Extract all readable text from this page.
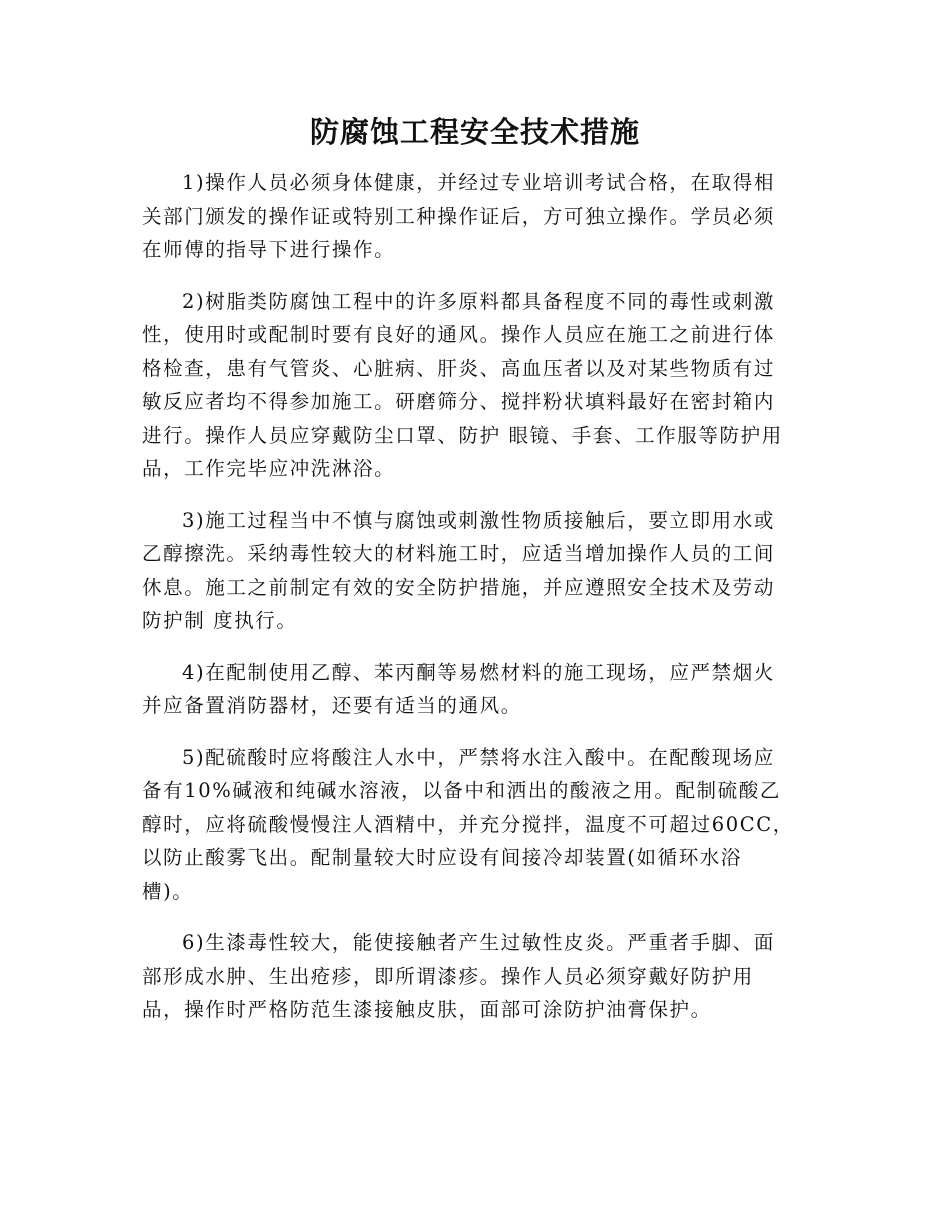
防腐蚀工程安全技术措施

1)操作人员必须身体健康，并经过专业培训考试合格，在取得相
关部门颁发的操作证或特别工种操作证后，方可独立操作。学员必须
在师傅的指导下进行操作。

2)树脂类防腐蚀工程中的许多原料都具备程度不同的毒性或刺激
性，使用时或配制时要有良好的通风。操作人员应在施工之前进行体
格检查，患有气管炎、心脏病、肝炎、高血压者以及对某些物质有过
敏反应者均不得参加施工。研磨筛分、搅拌粉状填料最好在密封箱内
进行。操作人员应穿戴防尘口罩、防护 眼镜、手套、工作服等防护用
品，工作完毕应冲洗淋浴。

3)施工过程当中不慎与腐蚀或刺激性物质接触后，要立即用水或
乙醇擦洗。采纳毒性较大的材料施工时，应适当增加操作人员的工间
休息。施工之前制定有效的安全防护措施，并应遵照安全技术及劳动
防护制 度执行。

4)在配制使用乙醇、苯丙酮等易燃材料的施工现场，应严禁烟火
并应备置消防器材，还要有适当的通风。

5)配硫酸时应将酸注人水中，严禁将水注入酸中。在配酸现场应
备有10%碱液和纯碱水溶液，以备中和洒出的酸液之用。配制硫酸乙
醇时，应将硫酸慢慢注人酒精中，并充分搅拌，温度不可超过60CC，
以防止酸雾飞出。配制量较大时应设有间接冷却装置(如循环水浴
槽)。

6)生漆毒性较大，能使接触者产生过敏性皮炎。严重者手脚、面
部形成水肿、生出疮疹，即所谓漆疹。操作人员必须穿戴好防护用
品，操作时严格防范生漆接触皮肤，面部可涂防护油膏保护。
